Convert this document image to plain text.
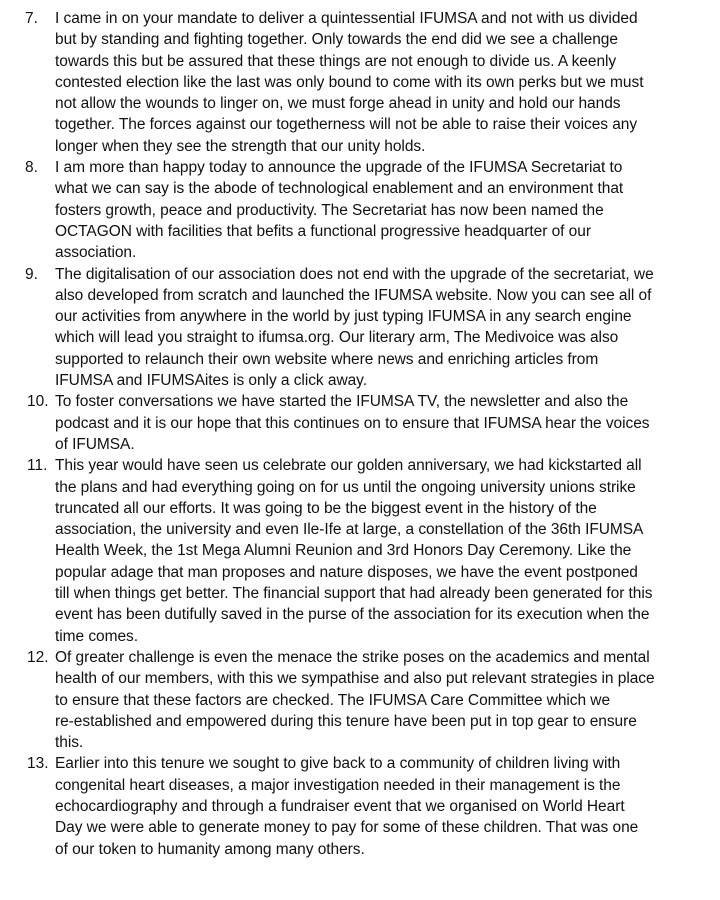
7.	I came in on your mandate to deliver a quintessential IFUMSA and not with us divided
but by standing and fighting together. Only towards the end did we see a challenge
towards this but be assured that these things are not enough to divide us. A keenly
contested election like the last was only bound to come with its own perks but we must
not allow the wounds to linger on, we must forge ahead in unity and hold our hands
together. The forces against our togetherness will not be able to raise their voices any
longer when they see the strength that our unity holds.
8.	I am more than happy today to announce the upgrade of the IFUMSA Secretariat to
what we can say is the abode of technological enablement and an environment that
fosters growth, peace and productivity. The Secretariat has now been named the
OCTAGON with facilities that befits a functional progressive headquarter of our
association.
9.	The digitalisation of our association does not end with the upgrade of the secretariat, we
also developed from scratch and launched the IFUMSA website. Now you can see all of
our activities from anywhere in the world by just typing IFUMSA in any search engine
which will lead you straight to ifumsa.org. Our literary arm, The Medivoice was also
supported to relaunch their own website where news and enriching articles from
IFUMSA and IFUMSAites is only a click away.
10. To foster conversations we have started the IFUMSA TV, the newsletter and also the
podcast and it is our hope that this continues on to ensure that IFUMSA hear the voices
of IFUMSA.
11. This year would have seen us celebrate our golden anniversary, we had kickstarted all
the plans and had everything going on for us until the ongoing university unions strike
truncated all our efforts. It was going to be the biggest event in the history of the
association, the university and even Ile-Ife at large, a constellation of the 36th IFUMSA
Health Week, the 1st Mega Alumni Reunion and 3rd Honors Day Ceremony. Like the
popular adage that man proposes and nature disposes, we have the event postponed
till when things get better. The financial support that had already been generated for this
event has been dutifully saved in the purse of the association for its execution when the
time comes.
12. Of greater challenge is even the menace the strike poses on the academics and mental
health of our members, with this we sympathise and also put relevant strategies in place
to ensure that these factors are checked. The IFUMSA Care Committee which we
re-established and empowered during this tenure have been put in top gear to ensure
this.
13. Earlier into this tenure we sought to give back to a community of children living with
congenital heart diseases, a major investigation needed in their management is the
echocardiography and through a fundraiser event that we organised on World Heart
Day we were able to generate money to pay for some of these children. That was one
of our token to humanity among many others.
